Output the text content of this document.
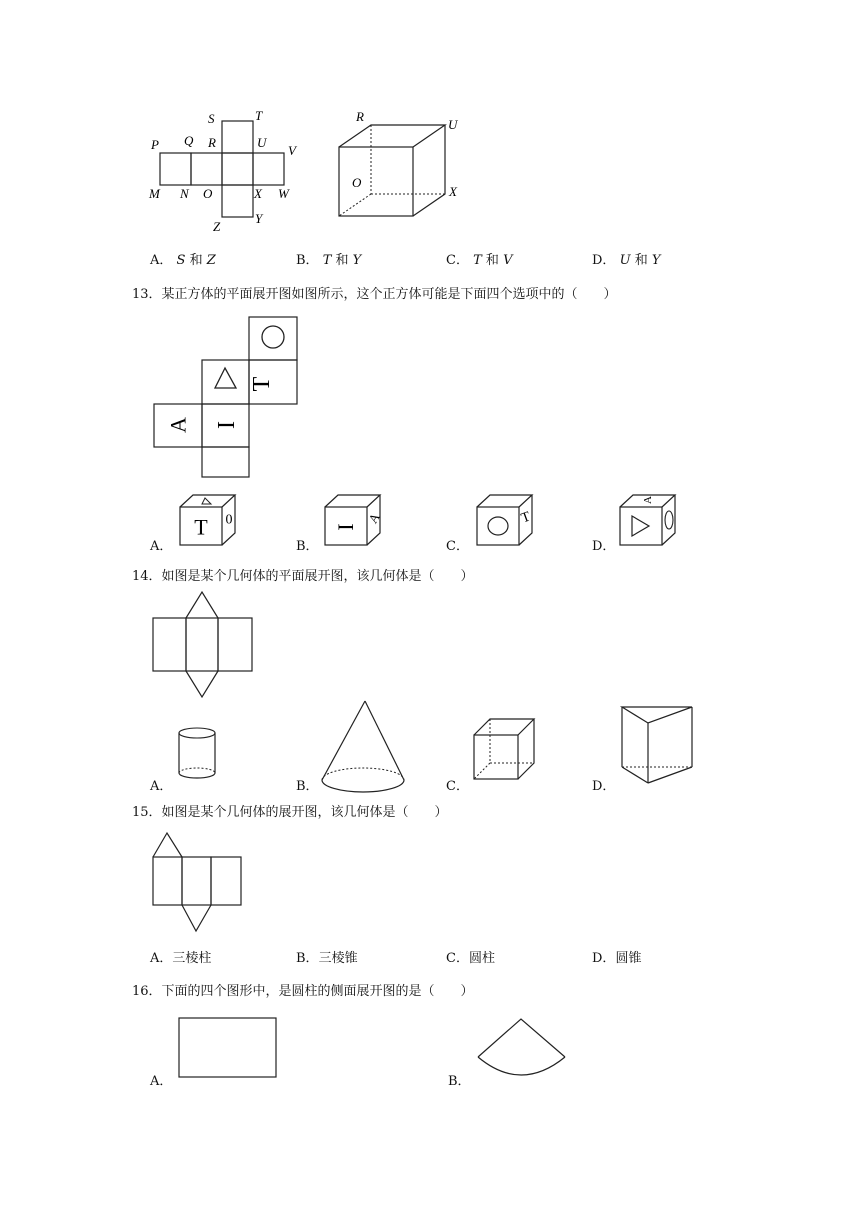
S	T
P Q R	U
V
M N O	X W
Z
Y
R
U
O
X
A． S 和 Z	B． T 和 Y	C． T 和 V	D． U 和 Y
13．某正方体的平面展开图如图所示，这个正方体可能是下面四个选项中的（　　）
T
I
A
A．
T 0
B．
I
A
C．
T
D．
A
14．如图是某个几何体的平面展开图，该几何体是（　　）
A．	B．	C．	D．
15．如图是某个几何体的展开图，该几何体是（　　）
A．三棱柱	B．三棱锥	C．圆柱	D．圆锥
16．下面的四个图形中，是圆柱的侧面展开图的是（　　）
A．	B．
